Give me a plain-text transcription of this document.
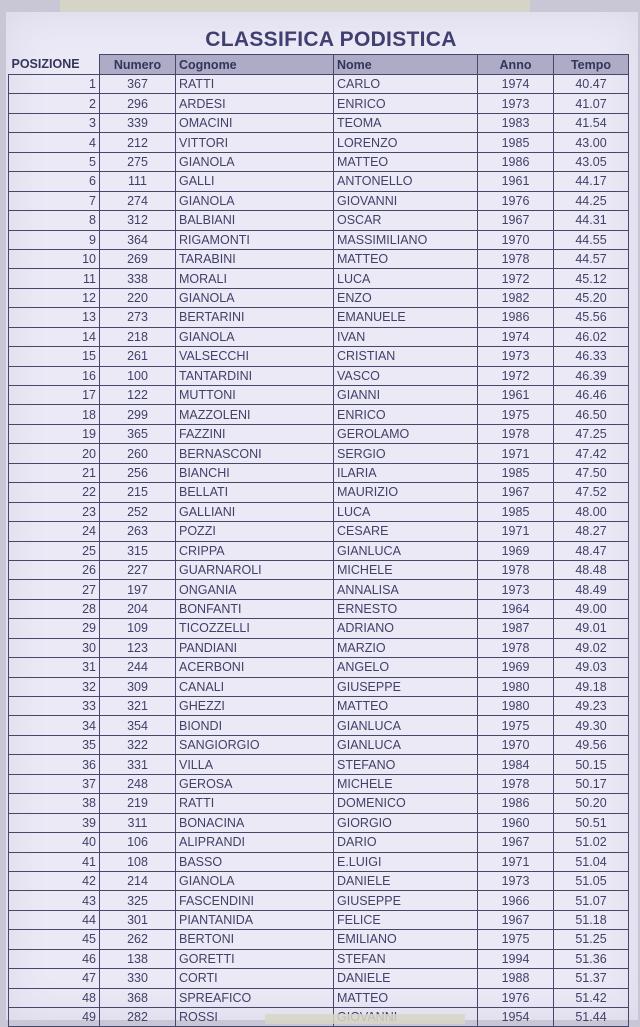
CLASSIFICA PODISTICA
POSIZIONE	Numero	Cognome	Nome	Anno	Tempo
1	367	RATTI	CARLO	1974	40.47
2	296	ARDESI	ENRICO	1973	41.07
3	339	OMACINI	TEOMA	1983	41.54
4	212	VITTORI	LORENZO	1985	43.00
5	275	GIANOLA	MATTEO	1986	43.05
6	111	GALLI	ANTONELLO	1961	44.17
7	274	GIANOLA	GIOVANNI	1976	44.25
8	312	BALBIANI	OSCAR	1967	44.31
9	364	RIGAMONTI	MASSIMILIANO	1970	44.55
10	269	TARABINI	MATTEO	1978	44.57
11	338	MORALI	LUCA	1972	45.12
12	220	GIANOLA	ENZO	1982	45.20
13	273	BERTARINI	EMANUELE	1986	45.56
14	218	GIANOLA	IVAN	1974	46.02
15	261	VALSECCHI	CRISTIAN	1973	46.33
16	100	TANTARDINI	VASCO	1972	46.39
17	122	MUTTONI	GIANNI	1961	46.46
18	299	MAZZOLENI	ENRICO	1975	46.50
19	365	FAZZINI	GEROLAMO	1978	47.25
20	260	BERNASCONI	SERGIO	1971	47.42
21	256	BIANCHI	ILARIA	1985	47.50
22	215	BELLATI	MAURIZIO	1967	47.52
23	252	GALLIANI	LUCA	1985	48.00
24	263	POZZI	CESARE	1971	48.27
25	315	CRIPPA	GIANLUCA	1969	48.47
26	227	GUARNAROLI	MICHELE	1978	48.48
27	197	ONGANIA	ANNALISA	1973	48.49
28	204	BONFANTI	ERNESTO	1964	49.00
29	109	TICOZZELLI	ADRIANO	1987	49.01
30	123	PANDIANI	MARZIO	1978	49.02
31	244	ACERBONI	ANGELO	1969	49.03
32	309	CANALI	GIUSEPPE	1980	49.18
33	321	GHEZZI	MATTEO	1980	49.23
34	354	BIONDI	GIANLUCA	1975	49.30
35	322	SANGIORGIO	GIANLUCA	1970	49.56
36	331	VILLA	STEFANO	1984	50.15
37	248	GEROSA	MICHELE	1978	50.17
38	219	RATTI	DOMENICO	1986	50.20
39	311	BONACINA	GIORGIO	1960	50.51
40	106	ALIPRANDI	DARIO	1967	51.02
41	108	BASSO	E.LUIGI	1971	51.04
42	214	GIANOLA	DANIELE	1973	51.05
43	325	FASCENDINI	GIUSEPPE	1966	51.07
44	301	PIANTANIDA	FELICE	1967	51.18
45	262	BERTONI	EMILIANO	1975	51.25
46	138	GORETTI	STEFAN	1994	51.36
47	330	CORTI	DANIELE	1988	51.37
48	368	SPREAFICO	MATTEO	1976	51.42
49	282	ROSSI		1954	51.44
